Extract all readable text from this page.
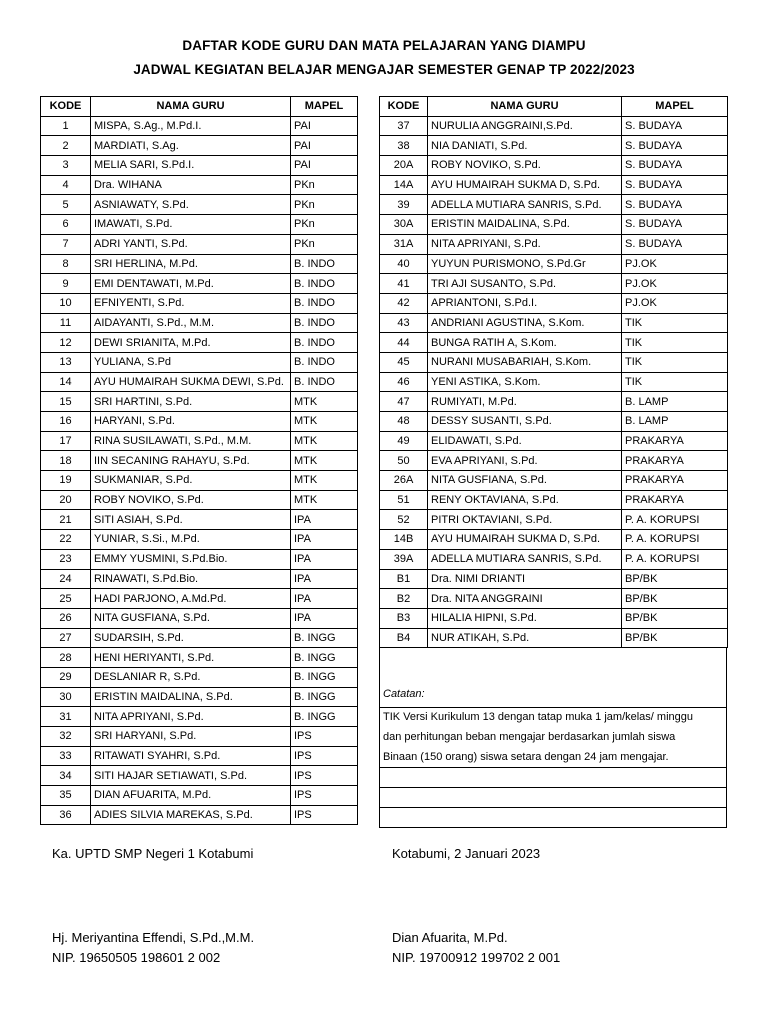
DAFTAR KODE GURU DAN MATA PELAJARAN YANG DIAMPU
JADWAL KEGIATAN BELAJAR MENGAJAR SEMESTER GENAP TP 2022/2023
KODE	NAMA GURU	MAPEL
1	MISPA, S.Ag., M.Pd.I.	PAI
2	MARDIATI, S.Ag.	PAI
3	MELIA SARI, S.Pd.I.	PAI
4	Dra. WIHANA	PKn
5	ASNIAWATY, S.Pd.	PKn
6	IMAWATI, S.Pd.	PKn
7	ADRI YANTI, S.Pd.	PKn
8	SRI HERLINA, M.Pd.	B. INDO
9	EMI DENTAWATI, M.Pd.	B. INDO
10	EFNIYENTI, S.Pd.	B. INDO
11	AIDAYANTI, S.Pd., M.M.	B. INDO
12	DEWI SRIANITA, M.Pd.	B. INDO
13	YULIANA, S.Pd	B. INDO
14	AYU HUMAIRAH SUKMA DEWI, S.Pd.	B. INDO
15	SRI HARTINI, S.Pd.	MTK
16	HARYANI, S.Pd.	MTK
17	RINA SUSILAWATI, S.Pd., M.M.	MTK
18	IIN SECANING RAHAYU, S.Pd.	MTK
19	SUKMANIAR, S.Pd.	MTK
20	ROBY NOVIKO, S.Pd.	MTK
21	SITI ASIAH, S.Pd.	IPA
22	YUNIAR, S.Si., M.Pd.	IPA
23	EMMY YUSMINI, S.Pd.Bio.	IPA
24	RINAWATI, S.Pd.Bio.	IPA
25	HADI PARJONO, A.Md.Pd.	IPA
26	NITA GUSFIANA, S.Pd.	IPA
27	SUDARSIH, S.Pd.	B. INGG
28	HENI HERIYANTI, S.Pd.	B. INGG
29	DESLANIAR R, S.Pd.	B. INGG
30	ERISTIN MAIDALINA, S.Pd.	B. INGG
31	NITA APRIYANI, S.Pd.	B. INGG
32	SRI HARYANI, S.Pd.	IPS
33	RITAWATI SYAHRI, S.Pd.	IPS
34	SITI HAJAR SETIAWATI, S.Pd.	IPS
35	DIAN AFUARITA, M.Pd.	IPS
36	ADIES SILVIA MAREKAS, S.Pd.	IPS
KODE	NAMA GURU	MAPEL
37	NURULIA ANGGRAINI,S.Pd.	S. BUDAYA
38	NIA DANIATI, S.Pd.	S. BUDAYA
20A	ROBY NOVIKO, S.Pd.	S. BUDAYA
14A	AYU HUMAIRAH SUKMA D, S.Pd.	S. BUDAYA
39	ADELLA MUTIARA SANRIS, S.Pd.	S. BUDAYA
30A	ERISTIN MAIDALINA, S.Pd.	S. BUDAYA
31A	NITA APRIYANI, S.Pd.	S. BUDAYA
40	YUYUN PURISMONO, S.Pd.Gr	PJ.OK
41	TRI AJI SUSANTO, S.Pd.	PJ.OK
42	APRIANTONI, S.Pd.I.	PJ.OK
43	ANDRIANI AGUSTINA, S.Kom.	TIK
44	BUNGA RATIH A, S.Kom.	TIK
45	NURANI MUSABARIAH, S.Kom.	TIK
46	YENI ASTIKA, S.Kom.	TIK
47	RUMIYATI, M.Pd.	B. LAMP
48	DESSY SUSANTI, S.Pd.	B. LAMP
49	ELIDAWATI, S.Pd.	PRAKARYA
50	EVA APRIYANI, S.Pd.	PRAKARYA
26A	NITA GUSFIANA, S.Pd.	PRAKARYA
51	RENY OKTAVIANA, S.Pd.	PRAKARYA
52	PITRI OKTAVIANI, S.Pd.	P. A. KORUPSI
14B	AYU HUMAIRAH SUKMA D, S.Pd.	P. A. KORUPSI
39A	ADELLA MUTIARA SANRIS, S.Pd.	P. A. KORUPSI
B1	Dra. NIMI DRIANTI	BP/BK
B2	Dra. NITA ANGGRAINI	BP/BK
B3	HILALIA HIPNI, S.Pd.	BP/BK
B4	NUR ATIKAH, S.Pd.	BP/BK
Catatan:
TIK Versi Kurikulum 13 dengan tatap muka 1 jam/kelas/ minggu
dan perhitungan beban mengajar berdasarkan jumlah siswa
Binaan (150 orang) siswa setara dengan 24 jam mengajar.
Ka. UPTD SMP Negeri 1 Kotabumi	Kotabumi, 2 Januari 2023
Hj. Meriyantina Effendi, S.Pd.,M.M.
NIP. 19650505 198601 2 002
Dian Afuarita, M.Pd.
NIP. 19700912 199702 2 001
